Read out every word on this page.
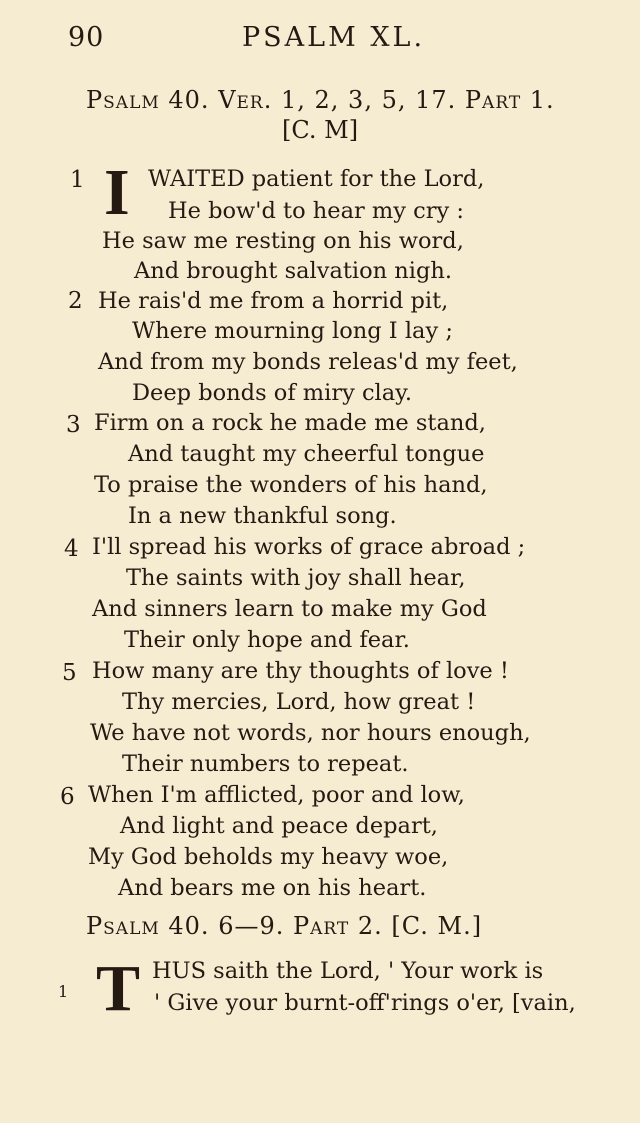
90	PSALM XL.
Psalm 40. Ver. 1, 2, 3, 5, 17. Part 1.
[C. M]
I
1	WAITED patient for the Lord,
He bow'd to hear my cry :
He saw me resting on his word,
And brought salvation nigh.
2 He rais'd me from a horrid pit,
Where mourning long I lay ;
And from my bonds releas'd my feet,
Deep bonds of miry clay.
3 Firm on a rock he made me stand,
And taught my cheerful tongue
To praise the wonders of his hand,
In a new thankful song.
4 I'll spread his works of grace abroad ;
The saints with joy shall hear,
And sinners learn to make my God
Their only hope and fear.
5 How many are thy thoughts of love !
Thy mercies, Lord, how great !
We have not words, nor hours enough,
Their numbers to repeat.
6 When I'm afflicted, poor and low,
And light and peace depart,
My God beholds my heavy woe,
And bears me on his heart.
Psalm 40. 6—9. Part 2. [C. M.]
1 T HUS saith the Lord, ' Your work is
' Give your burnt-off'rings o'er, [vain,
